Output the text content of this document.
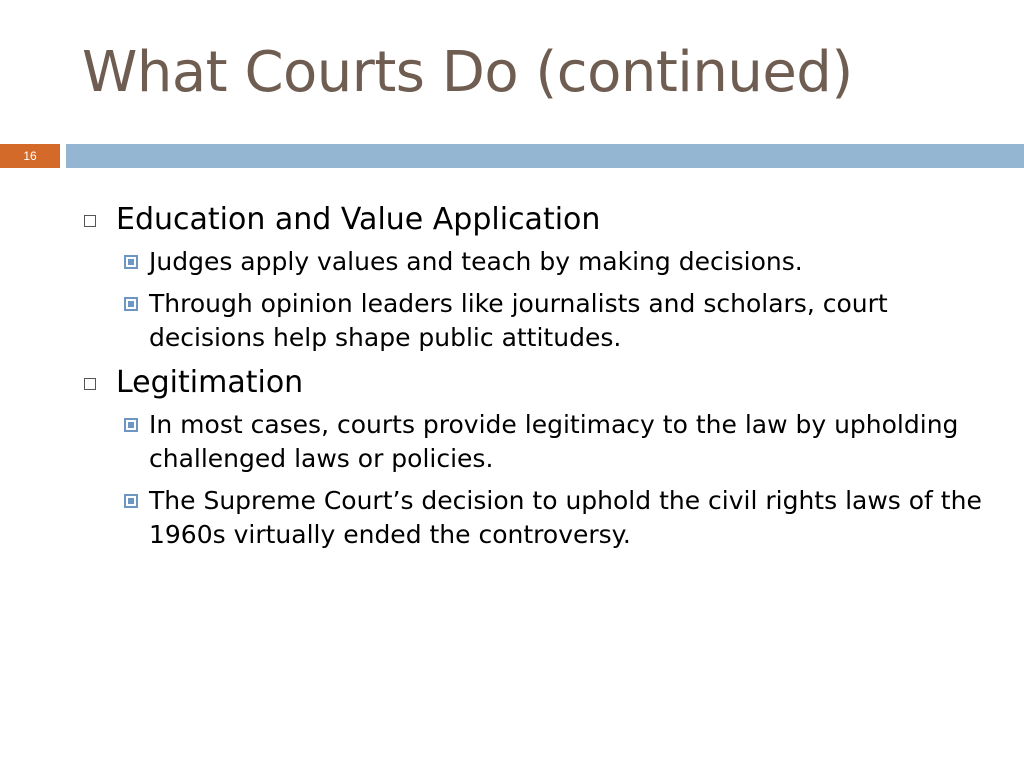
What Courts Do (continued)
16
Education and Value Application
Judges apply values and teach by making decisions.
Through opinion leaders like journalists and scholars, court decisions help shape public attitudes.
Legitimation
In most cases, courts provide legitimacy to the law by upholding challenged laws or policies.
The Supreme Court’s decision to uphold the civil rights laws of the 1960s virtually ended the controversy.
